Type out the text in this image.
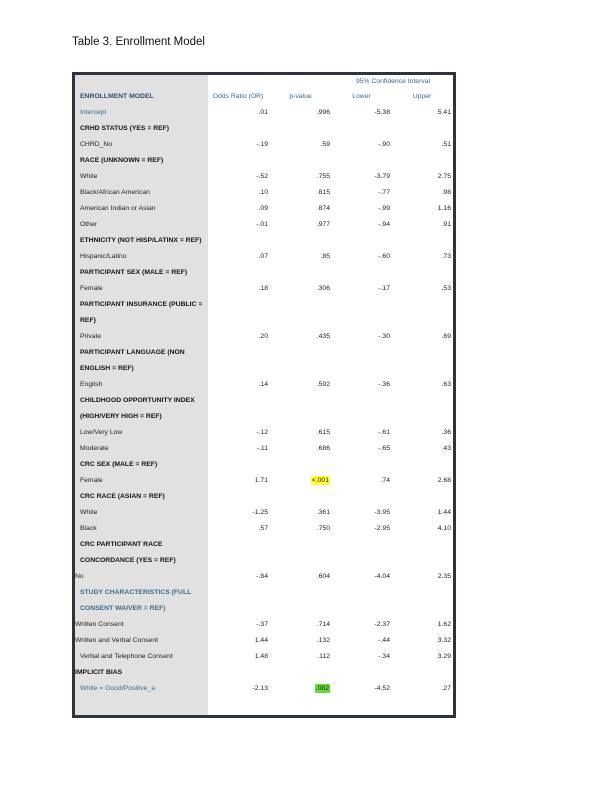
Table 3. Enrollment Model
95% Confidence Interval
ENROLLMENT MODEL	Odds Ratio (OR)	p-value	Lower	Upper
Intercept	.01	.996	-5.38	5.41
CRHD STATUS (YES = REF)
CHRD_No	-.19	.59	-.90	.51
RACE (UNKNOWN = REF)
White	-.52	.755	-3.79	2.75
Black/African American	.10	.815	-.77	.98
American Indian or Asian	.09	.874	-.99	1.16
Other	-.01	.977	-.94	.91
ETHNICITY (NOT HISP/LATINX = REF)
Hispanic/Latino	.07	.85	-.60	.73
PARTICIPANT SEX (MALE = REF)
Female	.18	.306	-.17	.53
PARTICIPANT INSURANCE (PUBLIC =
REF)
Private	.20	.435	-.30	.69
PARTICIPANT LANGUAGE (NON
ENGLISH = REF)
English	.14	.592	-.36	.63
CHILDHOOD OPPORTUNITY INDEX
(HIGH/VERY HIGH = REF)
Low/Very Low	-.12	.615	-.61	.36
Moderate	-.11	.686	-.65	.43
CRC SEX (MALE = REF)
Female	1.71	<.001	.74	2.68
CRC RACE (ASIAN = REF)
White	-1.25	.361	-3.95	1.44
Black	.57	.750	-2.95	4.10
CRC PARTICIPANT RACE
CONCORDANCE (YES = REF)
No	-.84	.604	-4.04	2.35
STUDY CHARACTERISTICS (FULL
CONSENT WAIVER = REF)
Written Consent	-.37	.714	-2.37	1.62
Written and Verbal Consent	1.44	.132	-.44	3.32
Verbal and Telephone Consent	1.48	.112	-.34	3.29
IMPLICIT BIAS
White = Good/Positive_a	-2.13	.082	-4.52	.27
